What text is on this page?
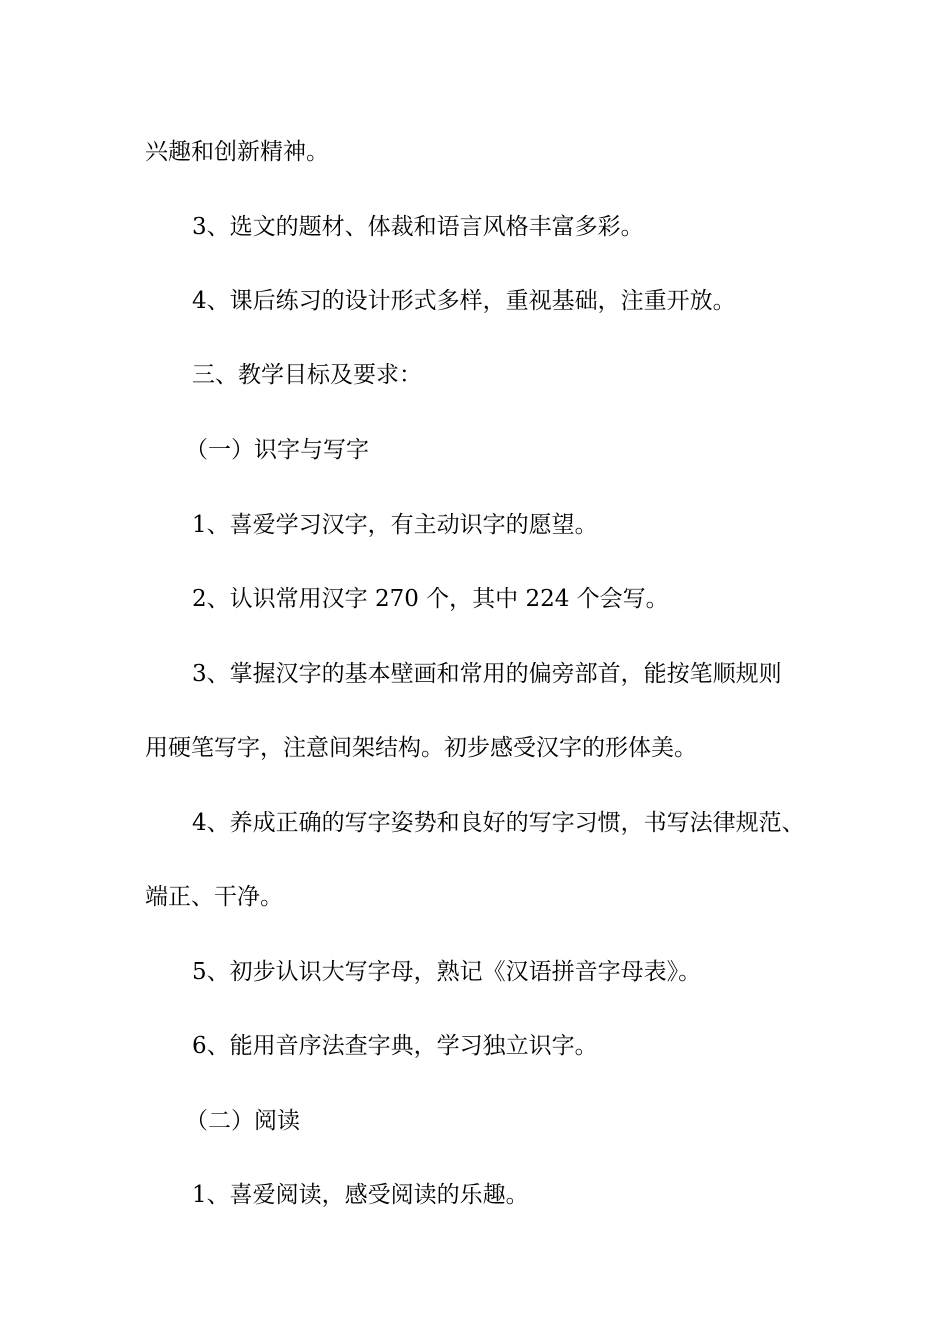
兴趣和创新精神。
3、选文的题材、体裁和语言风格丰富多彩。
4、课后练习的设计形式多样，重视基础，注重开放。
三、教学目标及要求：
（一）识字与写字
1、喜爱学习汉字，有主动识字的愿望。
2、认识常用汉字 270 个，其中 224 个会写。
3、掌握汉字的基本壁画和常用的偏旁部首，能按笔顺规则
用硬笔写字，注意间架结构。初步感受汉字的形体美。
4、养成正确的写字姿势和良好的写字习惯，书写法律规范、
端正、干净。
5、初步认识大写字母，熟记《汉语拼音字母表》。
6、能用音序法查字典，学习独立识字。
（二）阅读
1、喜爱阅读，感受阅读的乐趣。
